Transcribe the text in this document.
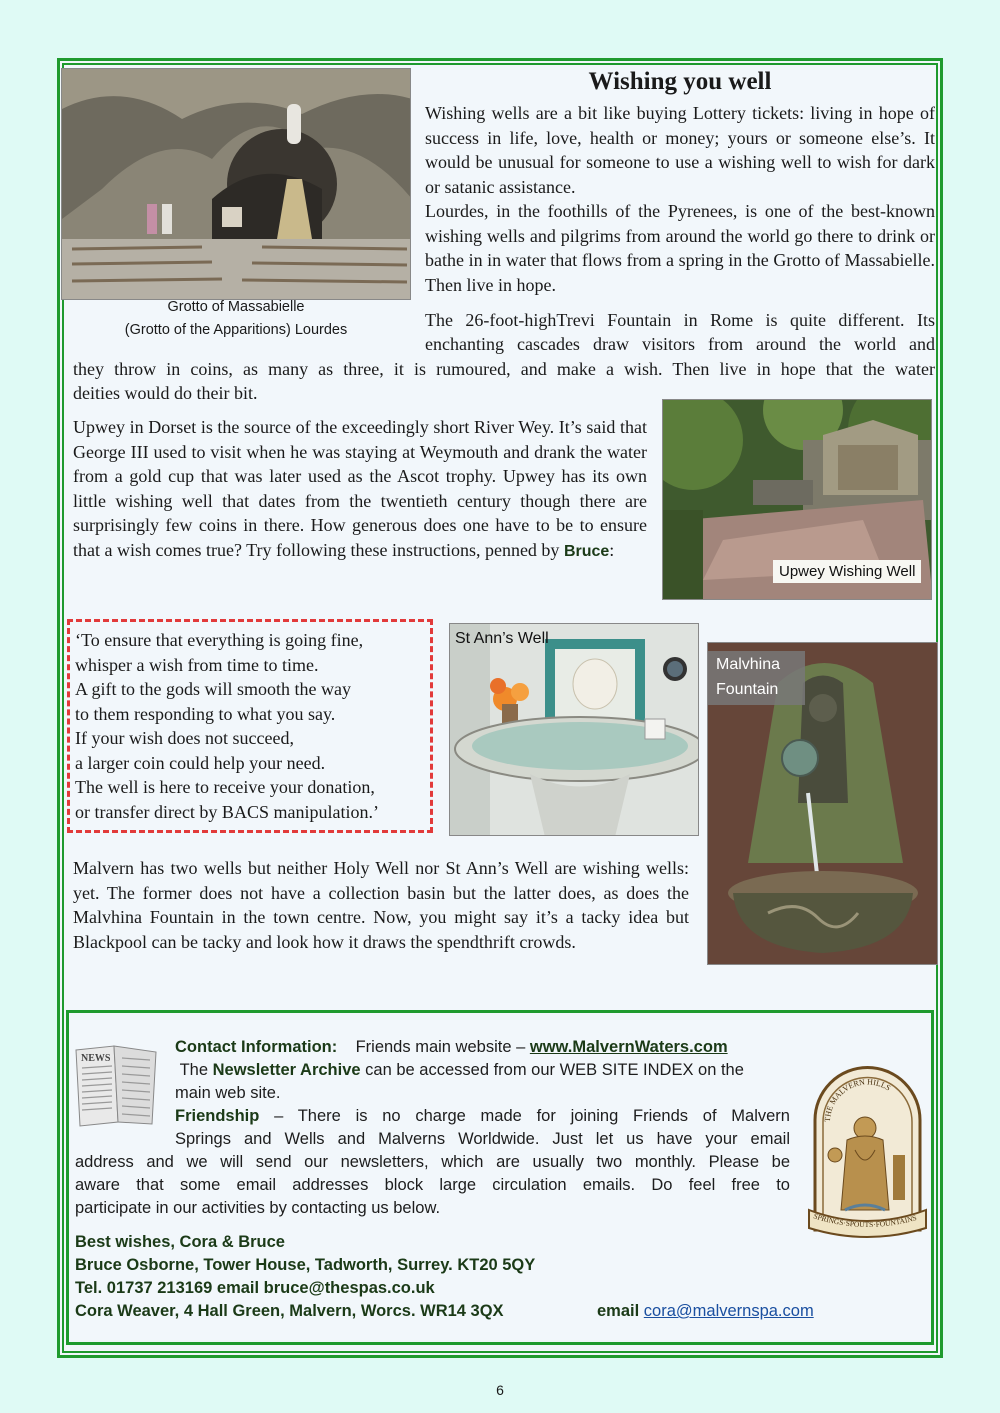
Grotto of Massabielle
(Grotto of the Apparitions) Lourdes
Wishing you well
Wishing wells are a bit like buying Lottery tickets: living in hope of success in life, love, health or money; yours or someone else’s. It would be unusual for someone to use a wishing well to wish for dark or satanic assistance.
Lourdes, in the foothills of the Pyrenees, is one of the best-known wishing wells and pilgrims from around the world go there to drink or bathe in in water that flows from a spring in the Grotto of Massabielle. Then live in hope.
The 26-foot-highTrevi Fountain in Rome is quite different. Its
enchanting cascades draw visitors from around the world and
they throw in coins, as many as three, it is rumoured, and make a wish. Then live in hope that the water
deities would do their bit.
Upwey in Dorset is the source of the exceedingly short River Wey. It’s said that George III used to visit when he was staying at Weymouth and drank the water from a gold cup that was later used as the Ascot trophy. Upwey has its own little wishing well that dates from the twentieth century though there are surprisingly few coins in there. How generous does one have to be to ensure that a wish comes true? Try following these instructions, penned by Bruce:
Upwey Wishing Well
‘To ensure that everything is going fine,
whisper a wish from time to time.
A gift to the gods will smooth the way
to them responding to what you say.
If your wish does not succeed,
a larger coin could help your need.
The well is here to receive your donation,
or transfer direct by BACS manipulation.’
St Ann’s Well
Malvhina
Fountain
Malvern has two wells but neither Holy Well nor St Ann’s Well are wishing wells: yet. The former does not have a collection basin but the latter does, as does the Malvhina Fountain in the town centre. Now, you might say it’s a tacky idea but Blackpool can be tacky and look how it draws the spendthrift crowds.
NEWS
Contact Information: Friends main website – www.MalvernWaters.com
The Newsletter Archive can be accessed from our WEB SITE INDEX on the
main web site.
Friendship – There is no charge made for joining Friends of Malvern
Springs and Wells and Malverns Worldwide. Just let us have your email
address and we will send our newsletters, which are usually two monthly. Please be
aware that some email addresses block large circulation emails. Do feel free to
participate in our activities by contacting us below.
Best wishes, Cora & Bruce
Bruce Osborne, Tower House, Tadworth, Surrey. KT20 5QY
Tel. 01737 213169 email bruce@thespas.co.uk
Cora Weaver, 4 Hall Green, Malvern, Worcs. WR14 3QX	email cora@malvernspa.com
THE MALVERN HILLS
SPRINGS·SPOUTS·FOUNTAINS
6
